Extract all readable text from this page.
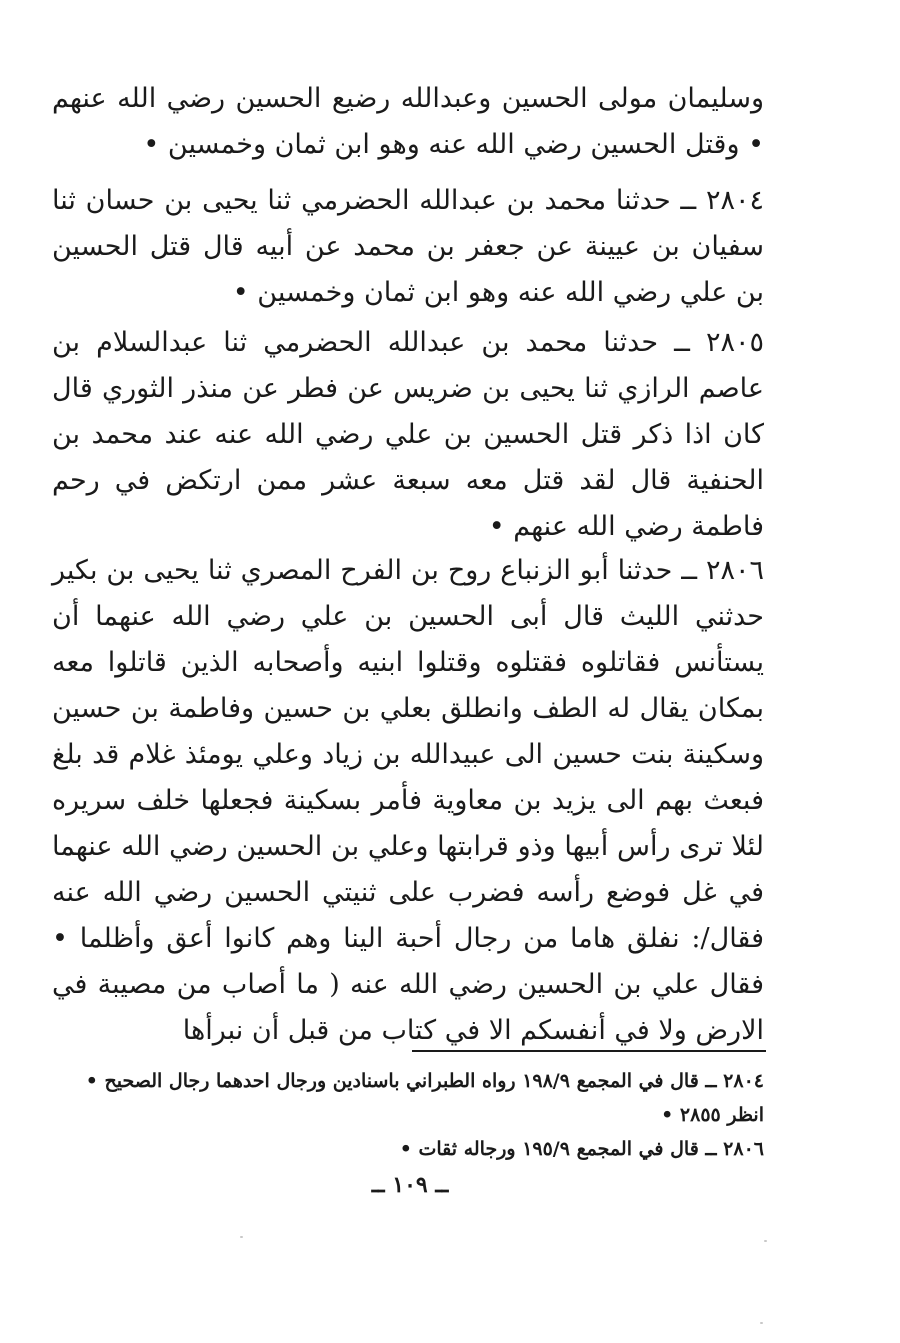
وسليمان مولى الحسين وعبدالله رضيع الحسين رضي الله عنهم • وقتل الحسين رضي الله عنه وهو ابن ثمان وخمسين •
٢٨٠٤ ــ حدثنا محمد بن عبدالله الحضرمي ثنا يحيى بن حسان ثنا سفيان بن عيينة عن جعفر بن محمد عن أبيه قال قتل الحسين بن علي رضي الله عنه وهو ابن ثمان وخمسين •
٢٨٠٥ ــ حدثنا محمد بن عبدالله الحضرمي ثنا عبدالسلام بن عاصم الرازي ثنا يحيى بن ضريس عن فطر عن منذر الثوري قال كان اذا ذكر قتل الحسين بن علي رضي الله عنه عند محمد بن الحنفية قال لقد قتل معه سبعة عشر ممن ارتكض في رحم فاطمة رضي الله عنهم •
٢٨٠٦ ــ حدثنا أبو الزنباع روح بن الفرح المصري ثنا يحيى بن بكير حدثني الليث قال أبى الحسين بن علي رضي الله عنهما أن يستأنس فقاتلوه فقتلوه وقتلوا ابنيه وأصحابه الذين قاتلوا معه بمكان يقال له الطف وانطلق بعلي بن حسين وفاطمة بن حسين وسكينة بنت حسين الى عبيدالله بن زياد وعلي يومئذ غلام قد بلغ فبعث بهم الى يزيد بن معاوية فأمر بسكينة فجعلها خلف سريره لئلا ترى رأس أبيها وذو قرابتها وعلي بن الحسين رضي الله عنهما في غل فوضع رأسه فضرب على ثنيتي الحسين رضي الله عنه فقال/: نفلق هاما من رجال أحبة الينا وهم كانوا أعق وأظلما • فقال علي بن الحسين رضي الله عنه ( ما أصاب من مصيبة في الارض ولا في أنفسكم الا في كتاب من قبل أن نبرأها

٢٨٠٤ ــ قال في المجمع ١٩٨/٩ رواه الطبراني باسنادين ورجال احدهما رجال الصحيح • انظر ٢٨٥٥ •

٢٨٠٦ ــ قال في المجمع ١٩٥/٩ ورجاله ثقات •

ــ ١٠٩ ــ
